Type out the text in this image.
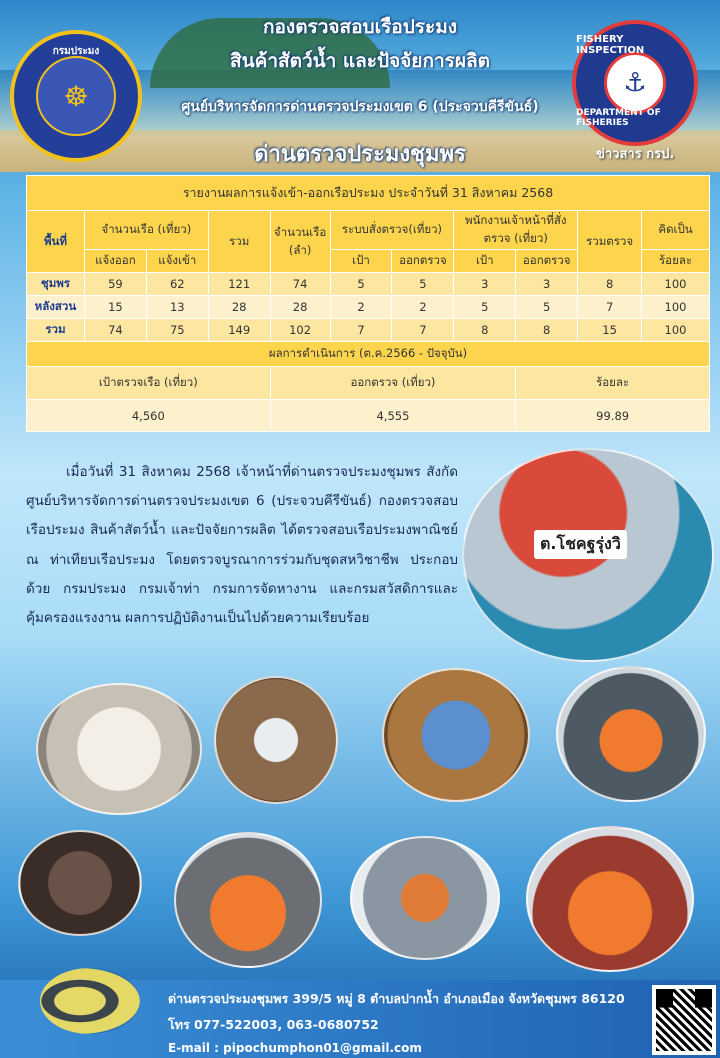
กรมประมง
☸
กองตรวจสอบเรือประมง
สินค้าสัตว์น้ำ และปัจจัยการผลิต
ศูนย์บริหารจัดการด่านตรวจประมงเขต 6 (ประจวบคีรีขันธ์)
ด่านตรวจประมงชุมพร
FISHERY INSPECTION
⚓
DEPARTMENT OF FISHERIES
ข่าวสาร กรป.
รายงานผลการแจ้งเข้า-ออกเรือประมง ประจำวันที่ 31 สิงหาคม 2568										
พื้นที่	จำนวนเรือ (เที่ยว)		รวม	จำนวนเรือ (ลำ)	ระบบสั่งตรวจ(เที่ยว)		พนักงานเจ้าหน้าที่สั่งตรวจ (เที่ยว)		รวมตรวจ	คิดเป็น
	แจ้งออก	แจ้งเข้า			เป้า	ออกตรวจ	เป้า	ออกตรวจ		ร้อยละ
ชุมพร	59	62	121	74	5	5	3	3	8	100
หลังสวน	15	13	28	28	2	2	5	5	7	100
รวม	74	75	149	102	7	7	8	8	15	100
ผลการดำเนินการ (ต.ค.2566 - ปัจจุบัน)										
เป้าตรวจเรือ (เที่ยว)				ออกตรวจ (เที่ยว)				ร้อยละ		
4,560				4,555				99.89		

เมื่อวันที่ 31 สิงหาคม 2568 เจ้าหน้าที่ด่านตรวจประมงชุมพร สังกัด ศูนย์บริหารจัดการด่านตรวจประมงเขต 6 (ประจวบคีรีขันธ์) กองตรวจสอบเรือประมง สินค้าสัตว์น้ำ และปัจจัยการผลิต ได้ตรวจสอบเรือประมงพาณิชย์ ณ ท่าเทียบเรือประมง โดยตรวจบูรณาการร่วมกับชุดสหวิชาชีพ ประกอบด้วย กรมประมง กรมเจ้าท่า กรมการจัดหางาน และกรมสวัสดิการและคุ้มครองแรงงาน ผลการปฏิบัติงานเป็นไปด้วยความเรียบร้อย

ต.โชคฐรุ่งวิ
ด่านตรวจประมงชุมพร 399/5 หมู่ 8 ตำบลปากน้ำ อำเภอเมือง จังหวัดชุมพร 86120
โทร 077-522003, 063-0680752
E-mail : pipochumphon01@gmail.com
